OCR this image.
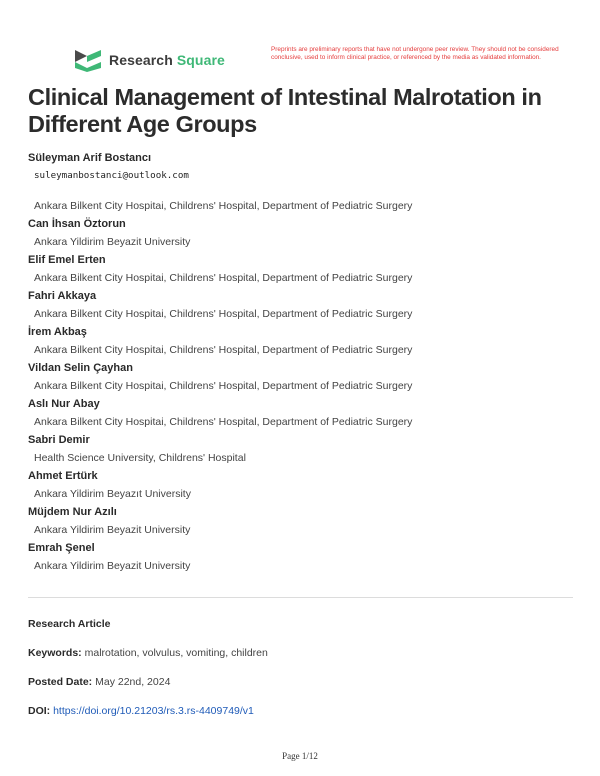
Research Square
Preprints are preliminary reports that have not undergone peer review. They should not be considered conclusive, used to inform clinical practice, or referenced by the media as validated information.
Clinical Management of Intestinal Malrotation in Different Age Groups
Süleyman Arif Bostancı
suleymanbostanci@outlook.com
Ankara Bilkent City Hospitai, Childrens' Hospital, Department of Pediatric Surgery
Can İhsan Öztorun
Ankara Yildirim Beyazit University
Elif Emel Erten
Ankara Bilkent City Hospitai, Childrens' Hospital, Department of Pediatric Surgery
Fahri Akkaya
Ankara Bilkent City Hospitai, Childrens' Hospital, Department of Pediatric Surgery
İrem Akbaş
Ankara Bilkent City Hospitai, Childrens' Hospital, Department of Pediatric Surgery
Vildan Selin Çayhan
Ankara Bilkent City Hospitai, Childrens' Hospital, Department of Pediatric Surgery
Aslı Nur Abay
Ankara Bilkent City Hospitai, Childrens' Hospital, Department of Pediatric Surgery
Sabri Demir
Health Science University, Childrens' Hospital
Ahmet Ertürk
Ankara Yildirim Beyazıt University
Müjdem Nur Azılı
Ankara Yildirim Beyazit University
Emrah Şenel
Ankara Yildirim Beyazit University
Research Article
Keywords: malrotation, volvulus, vomiting, children
Posted Date: May 22nd, 2024
DOI: https://doi.org/10.21203/rs.3.rs-4409749/v1
Page 1/12
